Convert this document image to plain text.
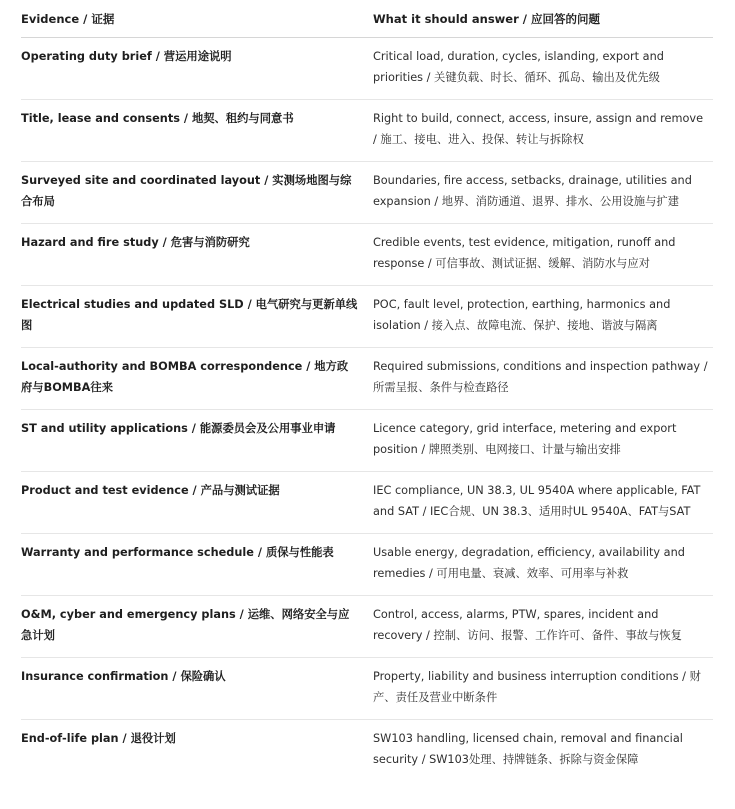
Evidence / 证据	What it should answer / 应回答的问题
Operating duty brief / 营运用途说明	Critical load, duration, cycles, islanding, export and priorities / 关键负载、时长、循环、孤岛、输出及优先级
Title, lease and consents / 地契、租约与同意书	Right to build, connect, access, insure, assign and remove / 施工、接电、进入、投保、转让与拆除权
Surveyed site and coordinated layout / 实测场地图与综合布局	Boundaries, fire access, setbacks, drainage, utilities and expansion / 地界、消防通道、退界、排水、公用设施与扩建
Hazard and fire study / 危害与消防研究	Credible events, test evidence, mitigation, runoff and response / 可信事故、测试证据、缓解、消防水与应对
Electrical studies and updated SLD / 电气研究与更新单线图	POC, fault level, protection, earthing, harmonics and isolation / 接入点、故障电流、保护、接地、谐波与隔离
Local-authority and BOMBA correspondence / 地方政府与BOMBA往来	Required submissions, conditions and inspection pathway / 所需呈报、条件与检查路径
ST and utility applications / 能源委员会及公用事业申请	Licence category, grid interface, metering and export position / 牌照类别、电网接口、计量与输出安排
Product and test evidence / 产品与测试证据	IEC compliance, UN 38.3, UL 9540A where applicable, FAT and SAT / IEC合规、UN 38.3、适用时UL 9540A、FAT与SAT
Warranty and performance schedule / 质保与性能表	Usable energy, degradation, efficiency, availability and remedies / 可用电量、衰减、效率、可用率与补救
O&M, cyber and emergency plans / 运维、网络安全与应急计划	Control, access, alarms, PTW, spares, incident and recovery / 控制、访问、报警、工作许可、备件、事故与恢复
Insurance confirmation / 保险确认	Property, liability and business interruption conditions / 财产、责任及营业中断条件
End-of-life plan / 退役计划	SW103 handling, licensed chain, removal and financial security / SW103处理、持牌链条、拆除与资金保障
